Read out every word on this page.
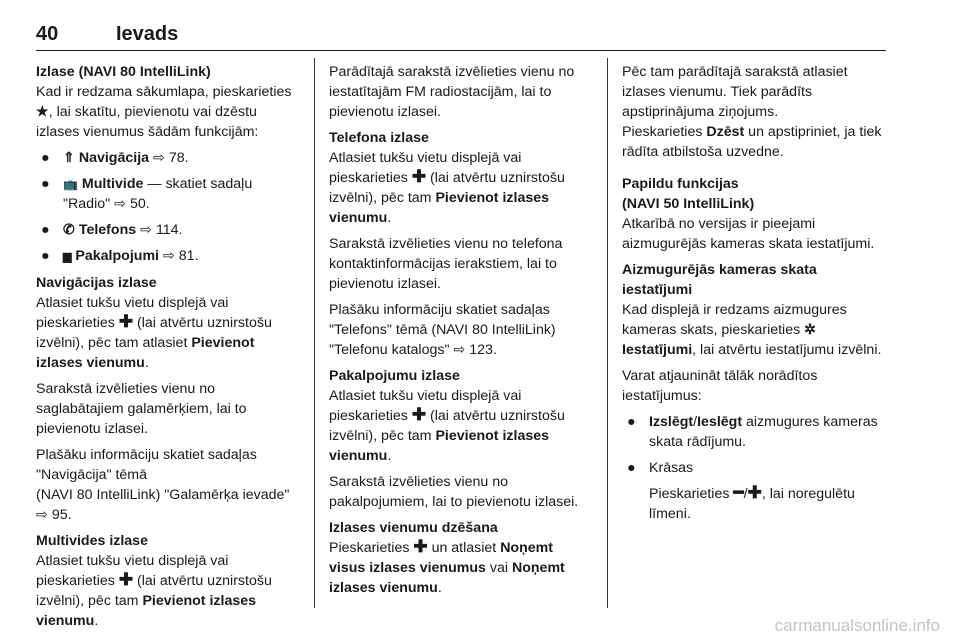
40	Ievads

Izlase (NAVI 80 IntelliLink)

Kad ir redzama sākumlapa, pieskarieties ★, lai skatītu, pievienotu vai dzēstu izlases vienumus šādām funkcijām:

● ⇑ Navigācija ⇨ 78.
● 📺 Multivide — skatiet sadaļu "Radio" ⇨ 50.
● ✆ Telefons ⇨ 114.
● ▆ Pakalpojumi ⇨ 81.

Navigācijas izlase

Atlasiet tukšu vietu displejā vai pieskarieties ✚ (lai atvērtu uznirstošu izvēlni), pēc tam atlasiet Pievienot izlases vienumu.

Sarakstā izvēlieties vienu no saglabātajiem galamērķiem, lai to pievienotu izlasei.

Plašāku informāciju skatiet sadaļas "Navigācija" tēmā
(NAVI 80 IntelliLink) "Galamērķa ievade" ⇨ 95.

Multivides izlase

Atlasiet tukšu vietu displejā vai pieskarieties ✚ (lai atvērtu uznirstošu izvēlni), pēc tam Pievienot izlases vienumu.

Parādītajā sarakstā izvēlieties vienu no iestatītajām FM radiostacijām, lai to pievienotu izlasei.

Telefona izlase

Atlasiet tukšu vietu displejā vai pieskarieties ✚ (lai atvērtu uznirstošu izvēlni), pēc tam Pievienot izlases vienumu.

Sarakstā izvēlieties vienu no telefona kontaktinformācijas ierakstiem, lai to pievienotu izlasei.

Plašāku informāciju skatiet sadaļas "Telefons" tēmā (NAVI 80 IntelliLink) "Telefonu katalogs" ⇨ 123.

Pakalpojumu izlase

Atlasiet tukšu vietu displejā vai pieskarieties ✚ (lai atvērtu uznirstošu izvēlni), pēc tam Pievienot izlases vienumu.

Sarakstā izvēlieties vienu no pakalpojumiem, lai to pievienotu izlasei.

Izlases vienumu dzēšana

Pieskarieties ✚ un atlasiet Noņemt visus izlases vienumus vai Noņemt izlases vienumu.

Pēc tam parādītajā sarakstā atlasiet izlases vienumu. Tiek parādīts apstiprinājuma ziņojums.

Pieskarieties Dzēst un apstipriniet, ja tiek rādīta atbilstoša uzvedne.

Papildu funkcijas
(NAVI 50 IntelliLink)

Atkarībā no versijas ir pieejami aizmugurējās kameras skata iestatījumi.

Aizmugurējās kameras skata
iestatījumi

Kad displejā ir redzams aizmugures kameras skats, pieskarieties ✲Iestatījumi, lai atvērtu iestatījumu izvēlni.

Varat atjaunināt tālāk norādītos iestatījumus:

● Izslēgt/Ieslēgt aizmugures kameras skata rādījumu.
● Krāsas

Pieskarieties ━/✚, lai noregulētu līmeni.

carmanualsonline.info
